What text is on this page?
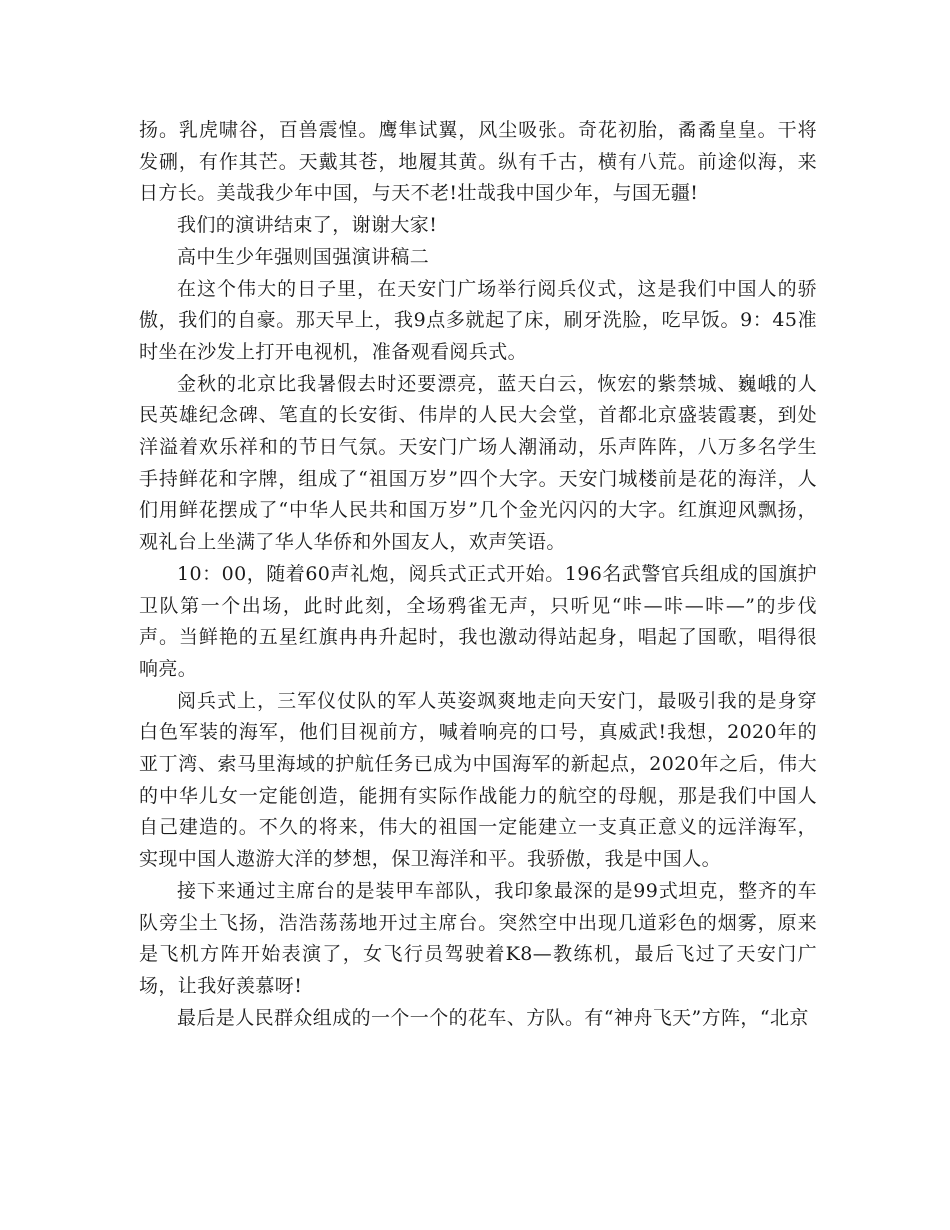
扬。乳虎啸谷，百兽震惶。鹰隼试翼，风尘吸张。奇花初胎，矞矞皇皇。干将发硎，有作其芒。天戴其苍，地履其黄。纵有千古，横有八荒。前途似海，来日方长。美哉我少年中国，与天不老!壮哉我中国少年，与国无疆!

我们的演讲结束了，谢谢大家!

高中生少年强则国强演讲稿二

在这个伟大的日子里，在天安门广场举行阅兵仪式，这是我们中国人的骄傲，我们的自豪。那天早上，我9点多就起了床，刷牙洗脸，吃早饭。9：45准时坐在沙发上打开电视机，准备观看阅兵式。

金秋的北京比我暑假去时还要漂亮，蓝天白云，恢宏的紫禁城、巍峨的人民英雄纪念碑、笔直的长安街、伟岸的人民大会堂，首都北京盛装霞裹，到处洋溢着欢乐祥和的节日气氛。天安门广场人潮涌动，乐声阵阵，八万多名学生手持鲜花和字牌，组成了“祖国万岁”四个大字。天安门城楼前是花的海洋，人们用鲜花摆成了“中华人民共和国万岁”几个金光闪闪的大字。红旗迎风飘扬，观礼台上坐满了华人华侨和外国友人，欢声笑语。

10：00，随着60声礼炮，阅兵式正式开始。196名武警官兵组成的国旗护卫队第一个出场，此时此刻，全场鸦雀无声，只听见“咔—咔—咔—”的步伐声。当鲜艳的五星红旗冉冉升起时，我也激动得站起身，唱起了国歌，唱得很响亮。

阅兵式上，三军仪仗队的军人英姿飒爽地走向天安门，最吸引我的是身穿白色军装的海军，他们目视前方，喊着响亮的口号，真威武!我想，2020年的亚丁湾、索马里海域的护航任务已成为中国海军的新起点，2020年之后，伟大的中华儿女一定能创造，能拥有实际作战能力的航空的母舰，那是我们中国人自己建造的。不久的将来，伟大的祖国一定能建立一支真正意义的远洋海军，实现中国人遨游大洋的梦想，保卫海洋和平。我骄傲，我是中国人。

接下来通过主席台的是装甲车部队，我印象最深的是99式坦克，整齐的车队旁尘土飞扬，浩浩荡荡地开过主席台。突然空中出现几道彩色的烟雾，原来是飞机方阵开始表演了，女飞行员驾驶着K8—教练机，最后飞过了天安门广场，让我好羡慕呀!

最后是人民群众组成的一个一个的花车、方队。有“神舟飞天”方阵，“北京
